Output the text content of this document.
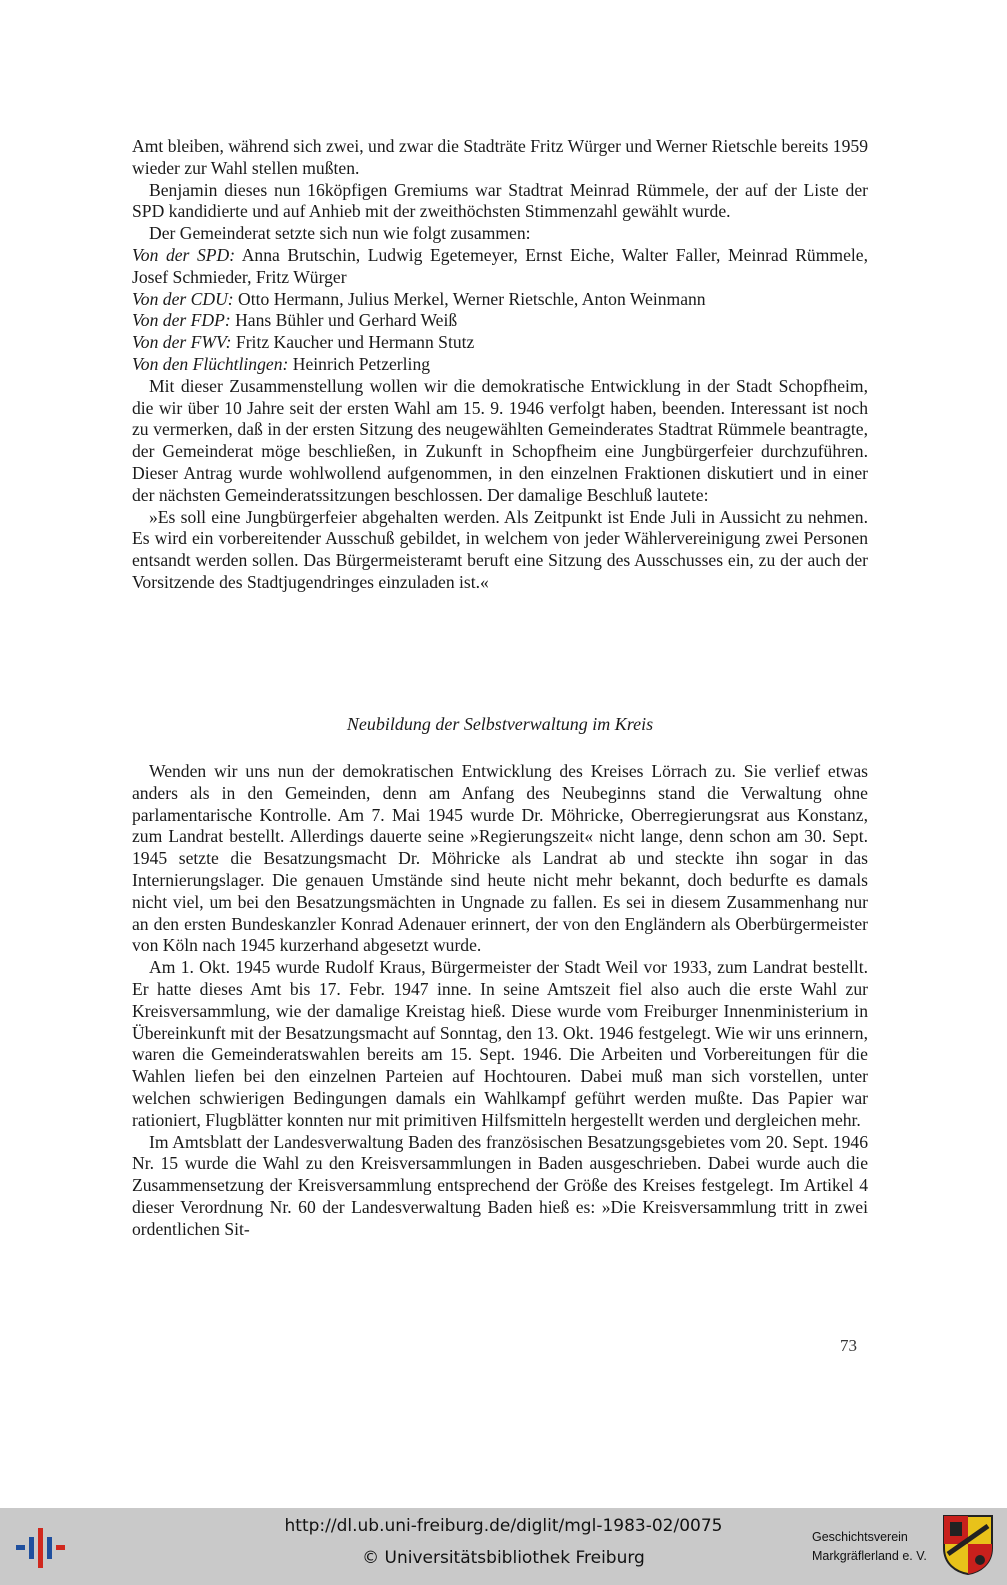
Amt bleiben, während sich zwei, und zwar die Stadträte Fritz Würger und Werner Rietschle bereits 1959 wieder zur Wahl stellen mußten.

Benjamin dieses nun 16köpfigen Gremiums war Stadtrat Meinrad Rümmele, der auf der Liste der SPD kandidierte und auf Anhieb mit der zweithöchsten Stimmenzahl gewählt wurde.

Der Gemeinderat setzte sich nun wie folgt zusammen:

Von der SPD: Anna Brutschin, Ludwig Egetemeyer, Ernst Eiche, Walter Faller, Meinrad Rümmele, Josef Schmieder, Fritz Würger

Von der CDU: Otto Hermann, Julius Merkel, Werner Rietschle, Anton Weinmann

Von der FDP: Hans Bühler und Gerhard Weiß

Von der FWV: Fritz Kaucher und Hermann Stutz

Von den Flüchtlingen: Heinrich Petzerling

Mit dieser Zusammenstellung wollen wir die demokratische Entwicklung in der Stadt Schopfheim, die wir über 10 Jahre seit der ersten Wahl am 15. 9. 1946 verfolgt haben, beenden. Interessant ist noch zu vermerken, daß in der ersten Sitzung des neugewählten Gemeinderates Stadtrat Rümmele beantragte, der Gemeinderat möge beschließen, in Zukunft in Schopfheim eine Jungbürgerfeier durchzuführen. Dieser Antrag wurde wohlwollend aufgenommen, in den einzelnen Fraktionen diskutiert und in einer der nächsten Gemeinderatssitzungen beschlossen. Der damalige Beschluß lautete:

»Es soll eine Jungbürgerfeier abgehalten werden. Als Zeitpunkt ist Ende Juli in Aussicht zu nehmen. Es wird ein vorbereitender Ausschuß gebildet, in welchem von jeder Wählervereinigung zwei Personen entsandt werden sollen. Das Bürgermeisteramt beruft eine Sitzung des Ausschusses ein, zu der auch der Vorsitzende des Stadtjugendringes einzuladen ist.«

Neubildung der Selbstverwaltung im Kreis

Wenden wir uns nun der demokratischen Entwicklung des Kreises Lörrach zu. Sie verlief etwas anders als in den Gemeinden, denn am Anfang des Neubeginns stand die Verwaltung ohne parlamentarische Kontrolle. Am 7. Mai 1945 wurde Dr. Möhricke, Oberregierungsrat aus Konstanz, zum Landrat bestellt. Allerdings dauerte seine »Regierungszeit« nicht lange, denn schon am 30. Sept. 1945 setzte die Besatzungsmacht Dr. Möhricke als Landrat ab und steckte ihn sogar in das Internierungslager. Die genauen Umstände sind heute nicht mehr bekannt, doch bedurfte es damals nicht viel, um bei den Besatzungsmächten in Ungnade zu fallen. Es sei in diesem Zusammenhang nur an den ersten Bundeskanzler Konrad Adenauer erinnert, der von den Engländern als Oberbürgermeister von Köln nach 1945 kurzerhand abgesetzt wurde.

Am 1. Okt. 1945 wurde Rudolf Kraus, Bürgermeister der Stadt Weil vor 1933, zum Landrat bestellt. Er hatte dieses Amt bis 17. Febr. 1947 inne. In seine Amtszeit fiel also auch die erste Wahl zur Kreisversammlung, wie der damalige Kreistag hieß. Diese wurde vom Freiburger Innenministerium in Übereinkunft mit der Besatzungsmacht auf Sonntag, den 13. Okt. 1946 festgelegt. Wie wir uns erinnern, waren die Gemeinderatswahlen bereits am 15. Sept. 1946. Die Arbeiten und Vorbereitungen für die Wahlen liefen bei den einzelnen Parteien auf Hochtouren. Dabei muß man sich vorstellen, unter welchen schwierigen Bedingungen damals ein Wahlkampf geführt werden mußte. Das Papier war rationiert, Flugblätter konnten nur mit primitiven Hilfsmitteln hergestellt werden und dergleichen mehr.

Im Amtsblatt der Landesverwaltung Baden des französischen Besatzungsgebietes vom 20. Sept. 1946 Nr. 15 wurde die Wahl zu den Kreisversammlungen in Baden ausgeschrieben. Dabei wurde auch die Zusammensetzung der Kreisversammlung entsprechend der Größe des Kreises festgelegt. Im Artikel 4 dieser Verordnung Nr. 60 der Landesverwaltung Baden hieß es: »Die Kreisversammlung tritt in zwei ordentlichen Sit-

73
http://dl.ub.uni-freiburg.de/diglit/mgl-1983-02/0075
© Universitätsbibliothek Freiburg
Geschichtsverein
Markgräflerland e. V.
